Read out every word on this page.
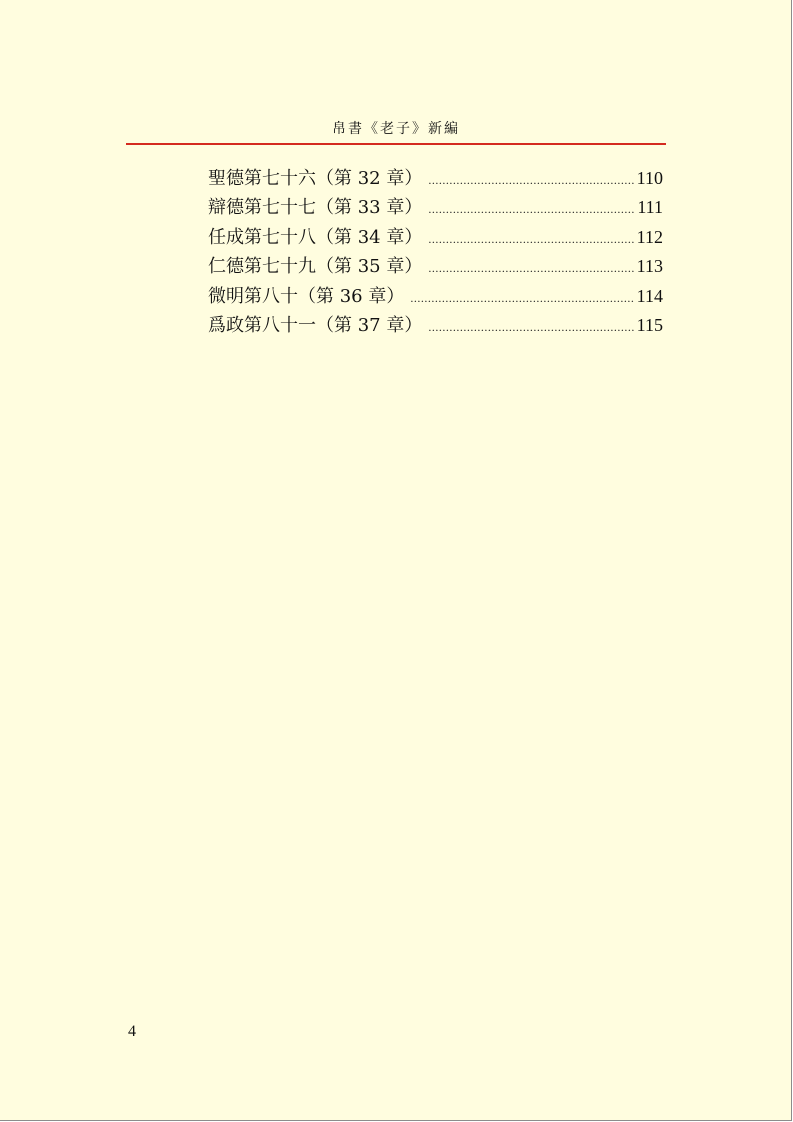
帛書《老子》新編
聖德第七十六（第 32 章） .....	110
辯德第七十七（第 33 章） .....	111
任成第七十八（第 34 章） .....	112
仁德第七十九（第 35 章） .....	113
微明第八十（第 36 章） .....	114
爲政第八十一（第 37 章） .....	115
4
